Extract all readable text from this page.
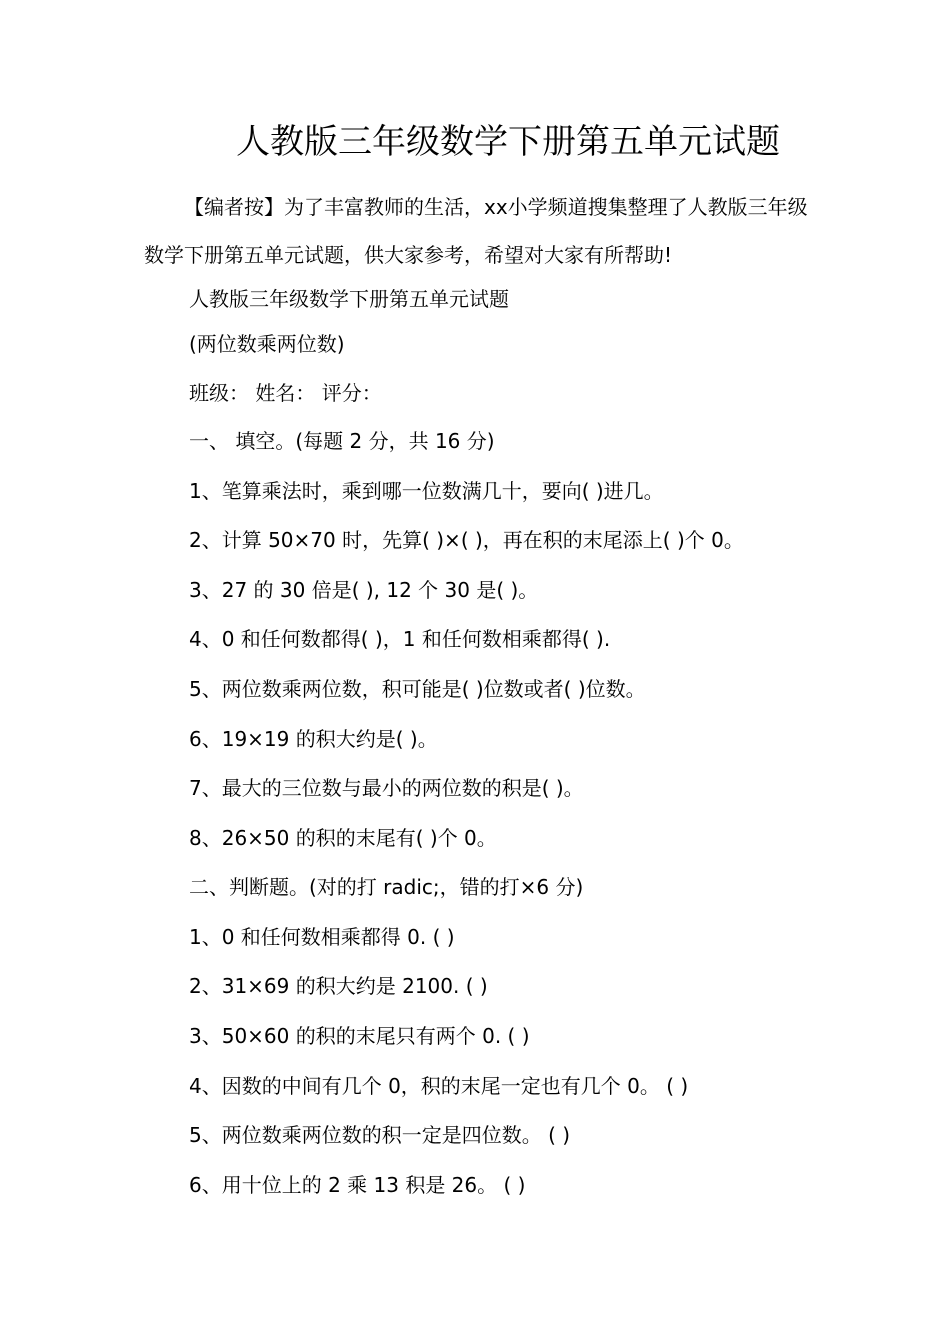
人教版三年级数学下册第五单元试题
【编者按】为了丰富教师的生活，xx小学频道搜集整理了人教版三年级数学下册第五单元试题，供大家参考，希望对大家有所帮助!
人教版三年级数学下册第五单元试题
(两位数乘两位数)
班级： 姓名： 评分：
一、 填空。(每题 2 分，共 16 分)
1、笔算乘法时，乘到哪一位数满几十，要向( )进几。
2、计算 50×70 时，先算( )×( )，再在积的末尾添上( )个 0。
3、27 的 30 倍是( ), 12 个 30 是( )。
4、0 和任何数都得( )，1 和任何数相乘都得( ).
5、两位数乘两位数，积可能是( )位数或者( )位数。
6、19×19 的积大约是( )。
7、最大的三位数与最小的两位数的积是( )。
8、26×50 的积的末尾有( )个 0。
二、判断题。(对的打 radic;，错的打×6 分)
1、0 和任何数相乘都得 0. ( )
2、31×69 的积大约是 2100. ( )
3、50×60 的积的末尾只有两个 0. ( )
4、因数的中间有几个 0，积的末尾一定也有几个 0。 ( )
5、两位数乘两位数的积一定是四位数。 ( )
6、用十位上的 2 乘 13 积是 26。 ( )
